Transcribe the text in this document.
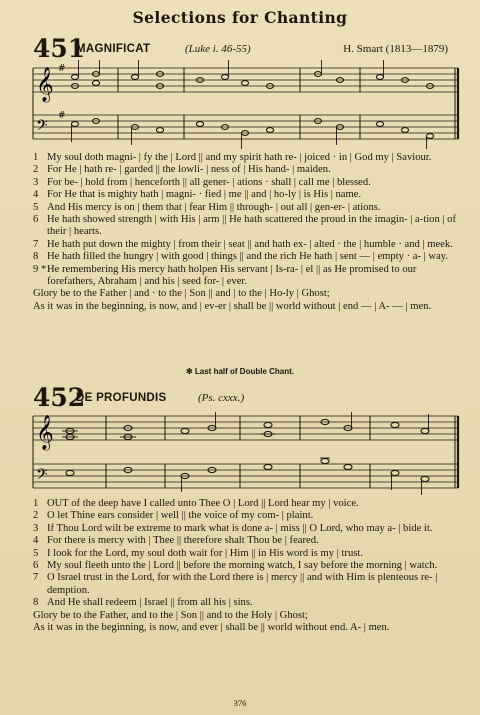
Selections for Chanting
451
MAGNIFICAT	(Luke i. 46-55)	H. Smart (1813—1879)
𝄞
𝄢
#
#

1 My soul doth magni- | fy the | Lord || and my spirit hath re- | joiced · in | God my | Saviour.

2 For He | hath re- | garded || the lowli- | ness of | His hand- | maiden.

3 For be- | hold from | henceforth || all gener- | ations · shall | call me | blessed.

4 For He that is mighty hath | magni- · fied | me || and | ho-ly | is His | name.

5 And His mercy is on | them that | fear Him || through- | out all | gen-er- | ations.

6 He hath showed strength | with His | arm || He hath scattered the proud in the imagin- | a-tion | of their | hearts.

7 He hath put down the mighty | from their | seat || and hath ex- | alted · the | humble · and | meek.

8 He hath filled the hungry | with good | things || and the rich He hath | sent — | empty · a- | way.

9 * He remembering His mercy hath holpen His servant | Is-ra- | el || as He promised to our forefathers, Abraham | and his | seed for- | ever.

Glory be to the Father | and · to the | Son || and | to the | Ho-ly | Ghost;

As it was in the beginning, is now, and | ev-er | shall be || world without | end — | A- — | men.

✻ Last half of Double Chant.
452
DE PROFUNDIS	(Ps. cxxx.)
𝄞
𝄢

1 OUT of the deep have I called unto Thee O | Lord || Lord hear my | voice.

2 O let Thine ears consider | well || the voice of my com- | plaint.

3 If Thou Lord wilt be extreme to mark what is done a- | miss || O Lord, who may a- | bide it.

4 For there is mercy with | Thee || therefore shalt Thou be | feared.

5 I look for the Lord, my soul doth wait for | Him || in His word is my | trust.

6 My soul fleeth unto the | Lord || before the morning watch, I say before the morning | watch.

7 O Israel trust in the Lord, for with the Lord there is | mercy || and with Him is plenteous re- | demption.

8 And He shall redeem | Israel || from all his | sins.

Glory be to the Father, and to the | Son || and to the Holy | Ghost;

As it was in the beginning, is now, and ever | shall be || world without end. A- | men.

376
